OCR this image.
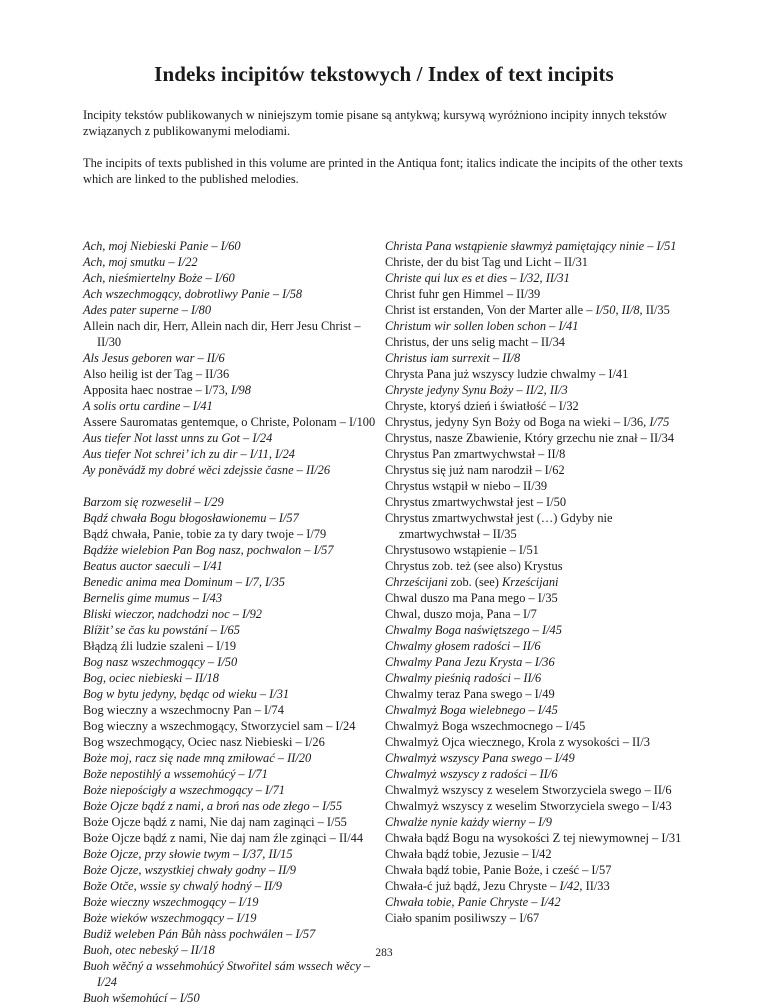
Indeks incipitów tekstowych / Index of text incipits
Incipity tekstów publikowanych w niniejszym tomie pisane są antykwą; kursywą wyróżniono incipity innych tekstów związanych z publikowanymi melodiami.
The incipits of texts published in this volume are printed in the Antiqua font; italics indicate the incipits of the other texts which are linked to the published melodies.

Ach, moj Niebieski Panie – I/60

Ach, moj smutku – I/22

Ach, nieśmiertelny Boże – I/60

Ach wszechmogący, dobrotliwy Panie – I/58

Ades pater superne – I/80

Allein nach dir, Herr, Allein nach dir, Herr Jesu Christ – II/30

Als Jesus geboren war – II/6

Also heilig ist der Tag – II/36

Apposita haec nostrae – I/73, I/98

A solis ortu cardine – I/41

Assere Sauromatas gentemque, o Christe, Polonam – I/100

Aus tiefer Not lasst unns zu Got – I/24

Aus tiefer Not schrei’ ich zu dir – I/11, I/24

Ay poněvádž my dobré wěci zdejssie časne – II/26

Barzom się rozweselił – I/29

Bądź chwała Bogu błogosławionemu – I/57

Bądź chwała, Panie, tobie za ty dary twoje – I/79

Bądźże wielebion Pan Bog nasz, pochwalon – I/57

Beatus auctor saeculi – I/41

Benedic anima mea Dominum – I/7, I/35

Bernelis gime mumus – I/43

Bliski wieczor, nadchodzi noc – I/92

Blížit’ se čas ku powstání – I/65

Błądzą źli ludzie szaleni – I/19

Bog nasz wszechmogący – I/50

Bog, ociec niebieski – II/18

Bog w bytu jedyny, będąc od wieku – I/31

Bog wieczny a wszechmocny Pan – I/74

Bog wieczny a wszechmogący, Stworzyciel sam – I/24

Bog wszechmogący, Ociec nasz Niebieski – I/26

Boże moj, racz się nade mną zmiłować – II/20

Bože nepostihlý a wssemohúcý – I/71

Boże niepościgły a wszechmogący – I/71

Boże Ojcze bądź z nami, a broń nas ode złego – I/55

Boże Ojcze bądź z nami, Nie daj nam zaginąci – I/55

Boże Ojcze bądź z nami, Nie daj nam źle zginąci – II/44

Boże Ojcze, przy słowie twym – I/37, II/15

Boże Ojcze, wszystkiej chwały godny – II/9

Bože Otče, wssie sy chwalý hodný – II/9

Boże wieczny wszechmogący – I/19

Boże wieków wszechmogący – I/19

Budiž weleben Pán Bůh nàss pochwálen – I/57

Buoh, otec nebeský – II/18

Buoh wěčný a wssehmohúcý Stwořitel sám wssech wěcy – I/24

Buoh wšemohúcí – I/50

Christa Pana wstąpienie sławmyż pamiętający ninie – I/51

Christe, der du bist Tag und Licht – II/31

Christe qui lux es et dies – I/32, II/31

Christ fuhr gen Himmel – II/39

Christ ist erstanden, Von der Marter alle – I/50, II/8, II/35

Christum wir sollen loben schon – I/41

Christus, der uns selig macht – II/34

Christus iam surrexit – II/8

Chrysta Pana już wszyscy ludzie chwalmy – I/41

Chryste jedyny Synu Boży – II/2, II/3

Chryste, ktoryś dzień i światłość – I/32

Chrystus, jedyny Syn Boży od Boga na wieki – I/36, I/75

Chrystus, nasze Zbawienie, Który grzechu nie znał – II/34

Chrystus Pan zmartwychwstał – II/8

Chrystus się już nam narodził – I/62

Chrystus wstąpił w niebo – II/39

Chrystus zmartwychwstał jest – I/50

Chrystus zmartwychwstał jest (…) Gdyby nie zmartwychwstał – II/35

Chrystusowo wstąpienie – I/51

Chrystus zob. też (see also) Krystus

Chrześcijani zob. (see) Krześcijani

Chwal duszo ma Pana mego – I/35

Chwal, duszo moja, Pana – I/7

Chwalmy Boga naświętszego – I/45

Chwalmy głosem radości – II/6

Chwalmy Pana Jezu Krysta – I/36

Chwalmy pieśnią radości – II/6

Chwalmy teraz Pana swego – I/49

Chwalmyż Boga wielebnego – I/45

Chwalmyż Boga wszechmocnego – I/45

Chwalmyż Ojca wiecznego, Krola z wysokości – II/3

Chwalmyż wszyscy Pana swego – I/49

Chwalmyż wszyscy z radości – II/6

Chwalmyż wszyscy z weselem Stworzyciela swego – II/6

Chwalmyż wszyscy z weselim Stworzyciela swego – I/43

Chwalże nynie każdy wierny – I/9

Chwała bądź Bogu na wysokości Z tej niewymownej – I/31

Chwała bądź tobie, Jezusie – I/42

Chwała bądź tobie, Panie Boże, i cześć – I/57

Chwała-ć już bądź, Jezu Chryste – I/42, II/33

Chwała tobie, Panie Chryste – I/42

Ciało spanim posiliwszy – I/67

283
